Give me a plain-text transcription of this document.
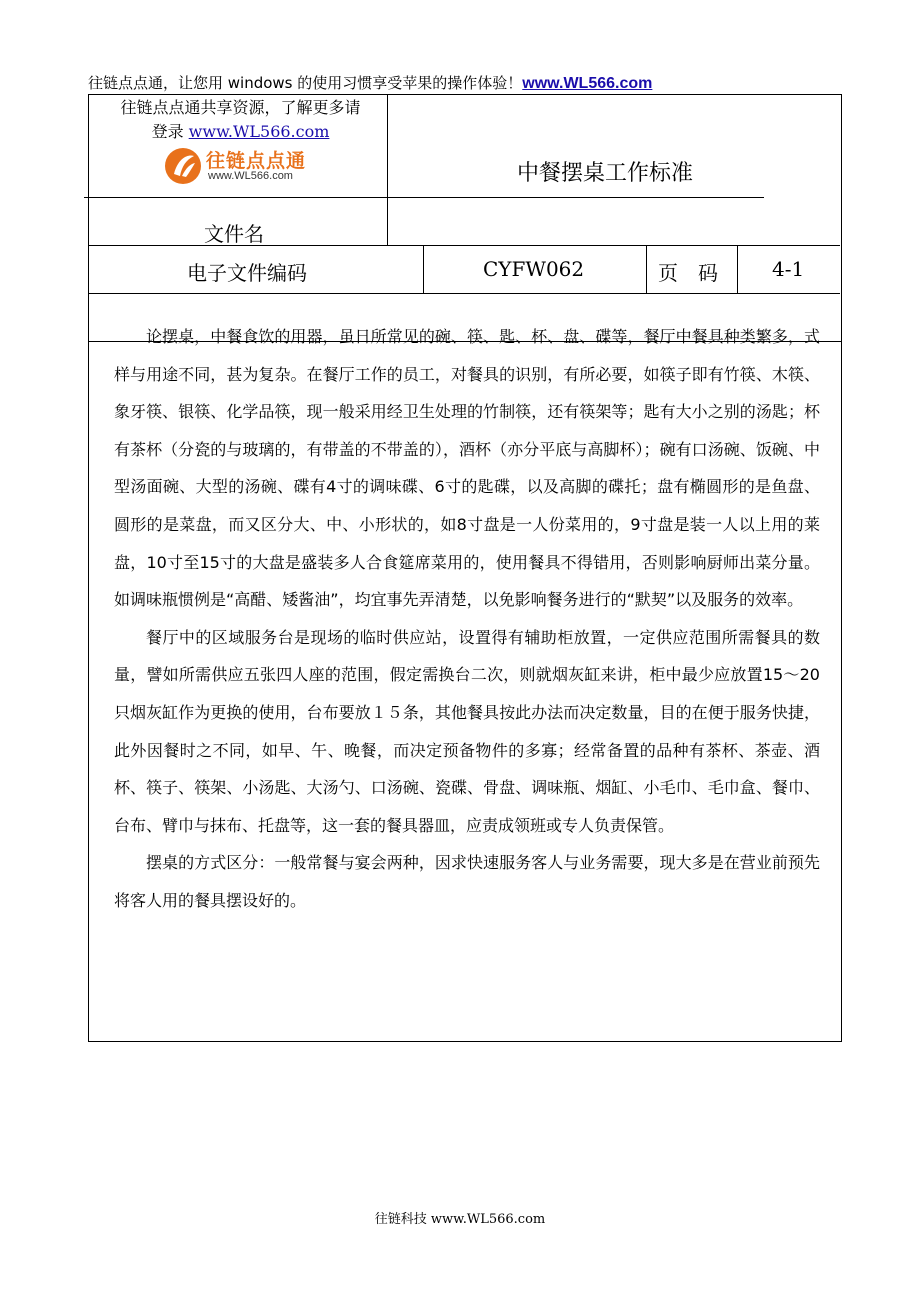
往链点点通，让您用 windows 的使用习惯享受苹果的操作体验！www.WL566.com
往链点点通共享资源，了解更多请
登录 www.WL566.com
往链点点通
www.WL566.com	中餐摆桌工作标准
文件名
电子文件编码	CYFW062	页　码	4-1

论摆桌，中餐食饮的用器，虽日所常见的碗、筷、匙、杯、盘、碟等，餐厅中餐具种类繁多，式样与用途不同，甚为复杂。在餐厅工作的员工，对餐具的识别，有所必要，如筷子即有竹筷、木筷、象牙筷、银筷、化学品筷，现一般采用经卫生处理的竹制筷，还有筷架等；匙有大小之别的汤匙；杯有茶杯（分瓷的与玻璃的，有带盖的不带盖的），酒杯（亦分平底与高脚杯）；碗有口汤碗、饭碗、中型汤面碗、大型的汤碗、碟有4寸的调味碟、6寸的匙碟，以及高脚的碟托；盘有椭圆形的是鱼盘、圆形的是菜盘，而又区分大、中、小形状的，如8寸盘是一人份菜用的，9寸盘是装一人以上用的莱盘，10寸至15寸的大盘是盛装多人合食筵席菜用的，使用餐具不得错用，否则影响厨师出菜分量。如调味瓶惯例是“高醋、矮酱油”，均宜事先弄清楚，以免影响餐务进行的“默契”以及服务的效率。

餐厅中的区域服务台是现场的临时供应站，设置得有辅助柜放置，一定供应范围所需餐具的数量，譬如所需供应五张四人座的范围，假定需换台二次，则就烟灰缸来讲，柜中最少应放置15～20只烟灰缸作为更换的使用，台布要放１５条，其他餐具按此办法而决定数量，目的在便于服务快捷，此外因餐时之不同，如早、午、晚餐，而决定预备物件的多寡；经常备置的品种有茶杯、茶壶、酒杯、筷子、筷架、小汤匙、大汤勺、口汤碗、瓷碟、骨盘、调味瓶、烟缸、小毛巾、毛巾盒、餐巾、台布、臂巾与抹布、托盘等，这一套的餐具器皿，应责成领班或专人负责保管。

摆桌的方式区分：一般常餐与宴会两种，因求快速服务客人与业务需要，现大多是在营业前预先将客人用的餐具摆设好的。

往链科技 www.WL566.com
